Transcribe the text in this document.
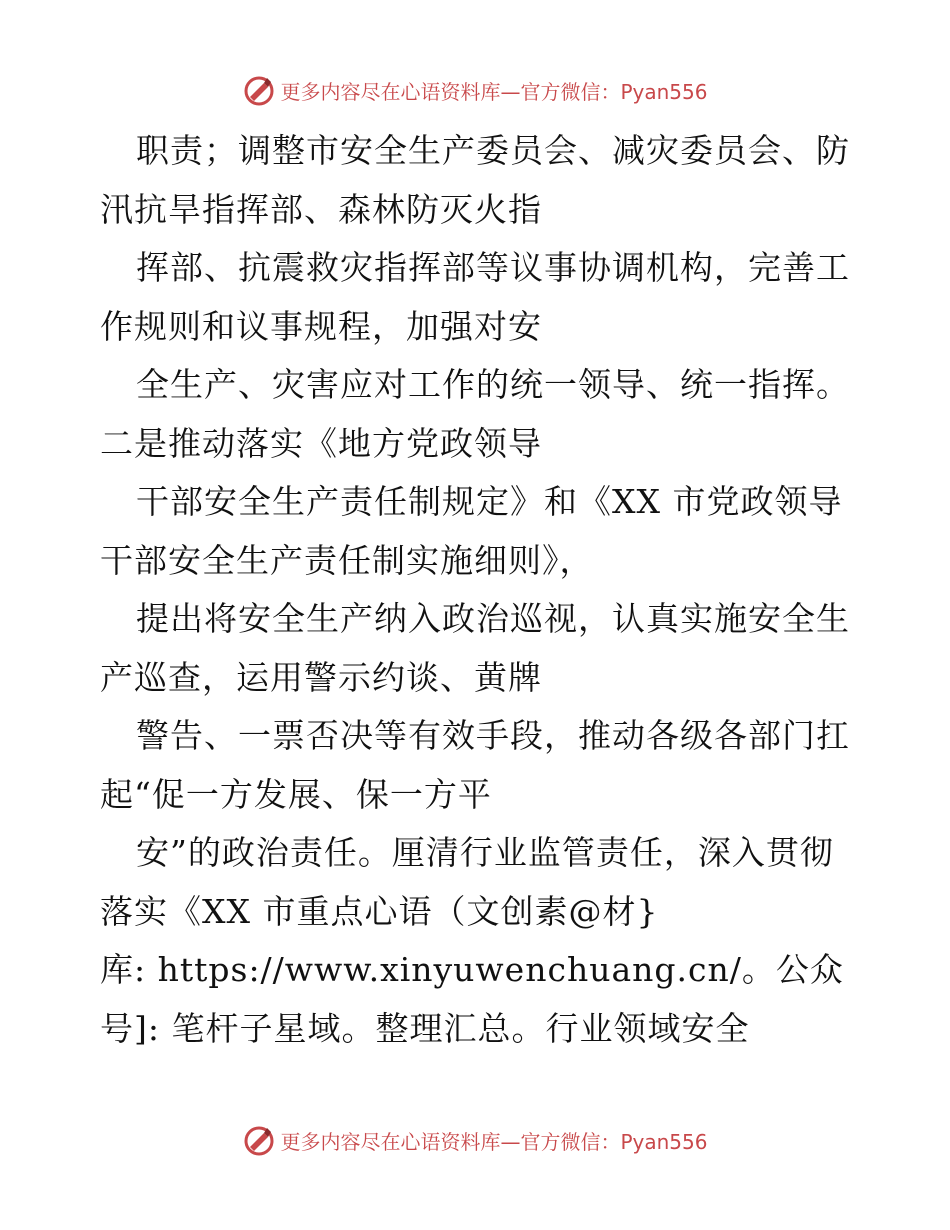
更多内容尽在心语资料库—官方微信：Pyan556
职责；调整市安全生产委员会、减灾委员会、防
汛抗旱指挥部、森林防灭火指
挥部、抗震救灾指挥部等议事协调机构，完善工
作规则和议事规程，加强对安
全生产、灾害应对工作的统一领导、统一指挥。
二是推动落实《地方党政领导
干部安全生产责任制规定》和《XX 市党政领导
干部安全生产责任制实施细则》，
提出将安全生产纳入政治巡视，认真实施安全生
产巡查，运用警示约谈、黄牌
警告、一票否决等有效手段，推动各级各部门扛
起“促一方发展、保一方平
安”的政治责任。厘清行业监管责任，深入贯彻
落实《XX 市重点心语（文创素@材}
库: https://www.xinyuwenchuang.cn/。公众
号]: 笔杆子星域。整理汇总。行业领域安全
更多内容尽在心语资料库—官方微信：Pyan556
